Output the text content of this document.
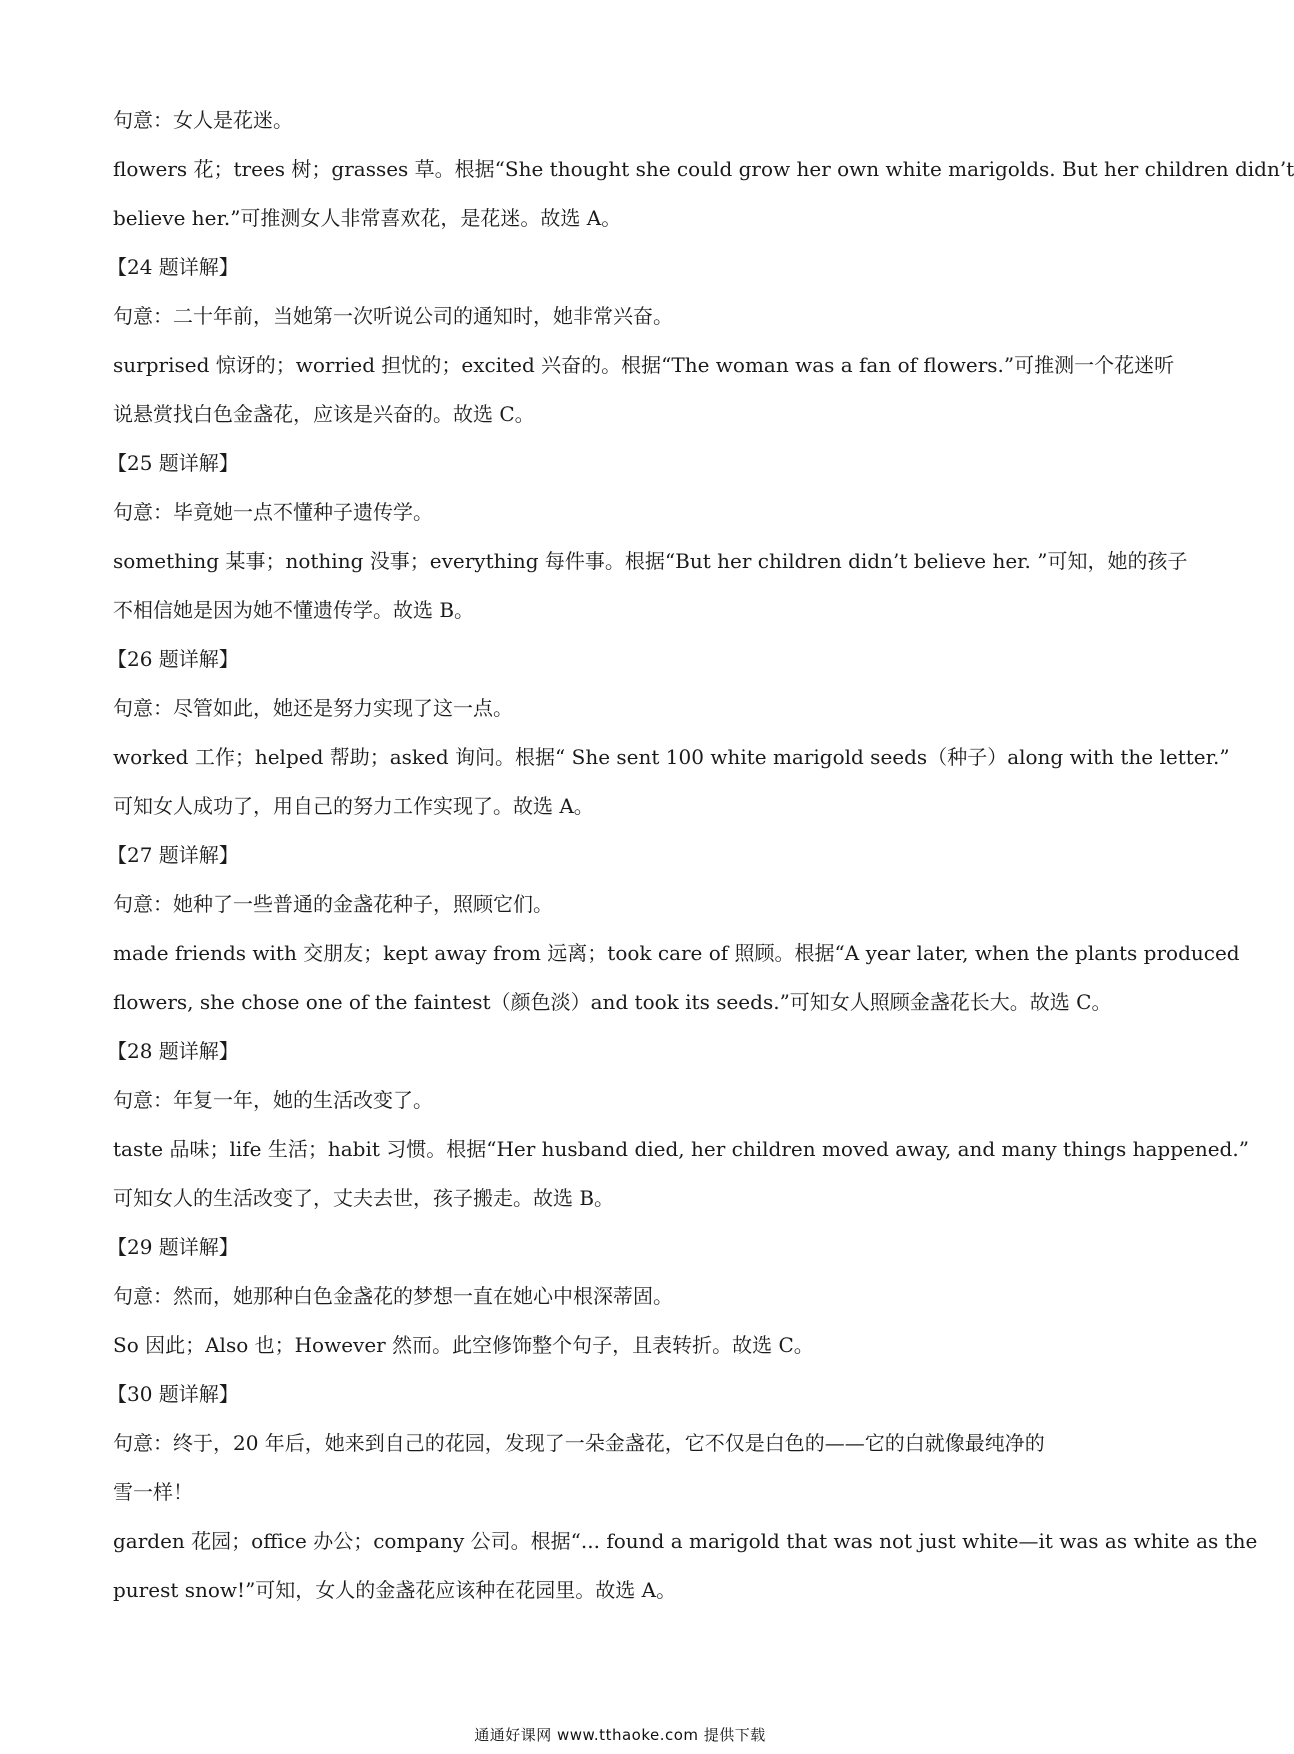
句意：女人是花迷。
flowers 花；trees 树；grasses 草。根据“She thought she could grow her own white marigolds. But her children didn’t
believe her.”可推测女人非常喜欢花，是花迷。故选 A。
【24 题详解】
句意：二十年前，当她第一次听说公司的通知时，她非常兴奋。
surprised 惊讶的；worried 担忧的；excited 兴奋的。根据“The woman was a fan of flowers.”可推测一个花迷听
说悬赏找白色金盏花，应该是兴奋的。故选 C。
【25 题详解】
句意：毕竟她一点不懂种子遗传学。
something 某事；nothing 没事；everything 每件事。根据“But her children didn’t believe her. ”可知，她的孩子
不相信她是因为她不懂遗传学。故选 B。
【26 题详解】
句意：尽管如此，她还是努力实现了这一点。
worked 工作；helped 帮助；asked 询问。根据“ She sent 100 white marigold seeds（种子）along with the letter.”
可知女人成功了，用自己的努力工作实现了。故选 A。
【27 题详解】
句意：她种了一些普通的金盏花种子，照顾它们。
made friends with 交朋友；kept away from 远离；took care of 照顾。根据“A year later, when the plants produced
flowers, she chose one of the faintest（颜色淡）and took its seeds.”可知女人照顾金盏花长大。故选 C。
【28 题详解】
句意：年复一年，她的生活改变了。
taste 品味；life 生活；habit 习惯。根据“Her husband died, her children moved away, and many things happened.”
可知女人的生活改变了，丈夫去世，孩子搬走。故选 B。
【29 题详解】
句意：然而，她那种白色金盏花的梦想一直在她心中根深蒂固。
So 因此；Also 也；However 然而。此空修饰整个句子，且表转折。故选 C。
【30 题详解】
句意：终于，20 年后，她来到自己的花园，发现了一朵金盏花，它不仅是白色的——它的白就像最纯净的
雪一样！
garden 花园；office 办公；company 公司。根据“... found a marigold that was not just white—it was as white as the
purest snow!”可知，女人的金盏花应该种在花园里。故选 A。
通通好课网 www.tthaoke.com 提供下载
